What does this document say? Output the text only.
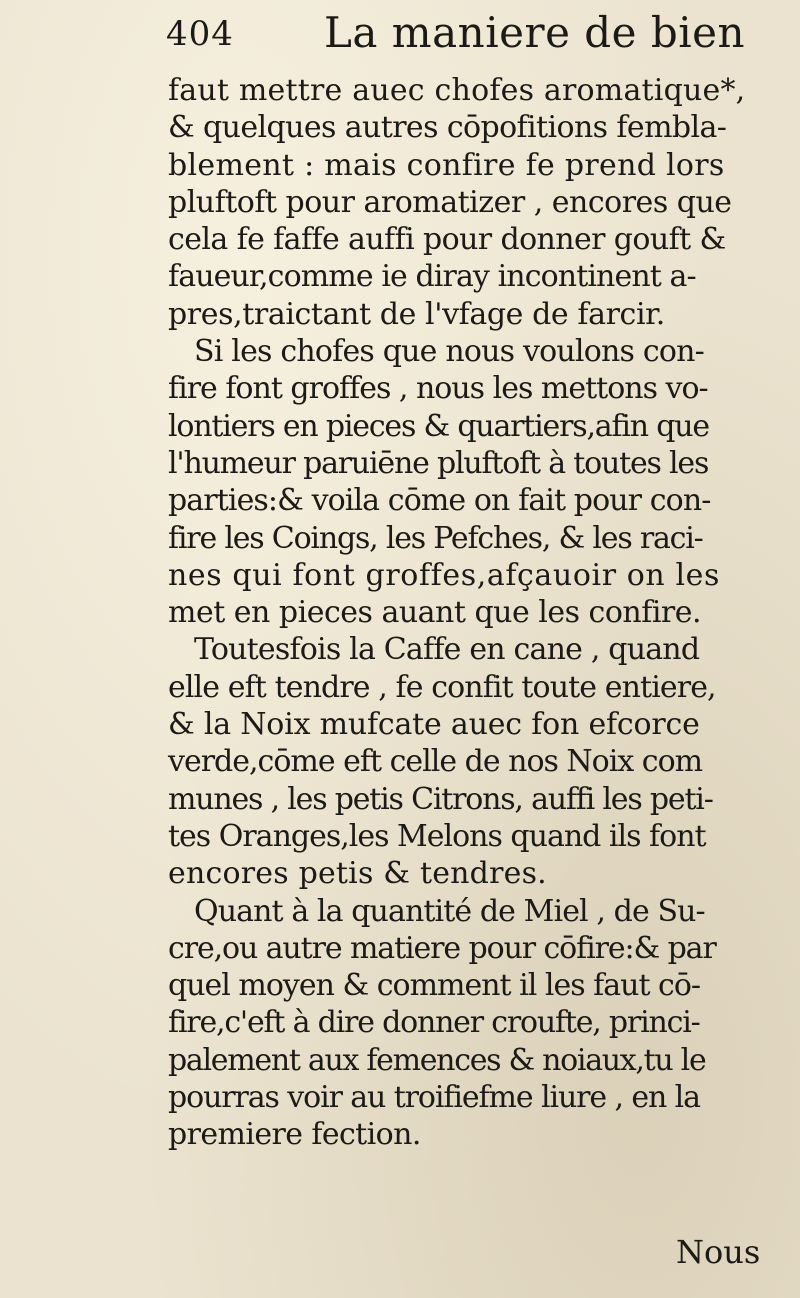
404 La maniere de bien
faut mettre auec chofes aromatique*,
& quelques autres cōpofitions fembla-
blement : mais confire fe prend lors
pluftoft pour aromatizer , encores que
cela fe faffe auffi pour donner gouft &
faueur,comme ie diray incontinent a-
pres,traictant de l'vfage de farcir.
Si les chofes que nous voulons con-
fire font groffes , nous les mettons vo-
lontiers en pieces & quartiers,afin que
l'humeur paruiēne pluftoft à toutes les
parties:& voila cōme on fait pour con-
fire les Coings, les Pefches, & les raci-
nes qui font groffes,afçauoir on les
met en pieces auant que les confire.
Toutesfois la Caffe en cane , quand
elle eft tendre , fe confit toute entiere,
& la Noix mufcate auec fon efcorce
verde,cōme eft celle de nos Noix com
munes , les petis Citrons, auffi les peti-
tes Oranges,les Melons quand ils font
encores petis & tendres.
Quant à la quantité de Miel , de Su-
cre,ou autre matiere pour cōfire:& par
quel moyen & comment il les faut cō-
fire,c'eft à dire donner croufte, princi-
palement aux femences & noiaux,tu le
pourras voir au troifiefme liure , en la
premiere fection.
Nous
